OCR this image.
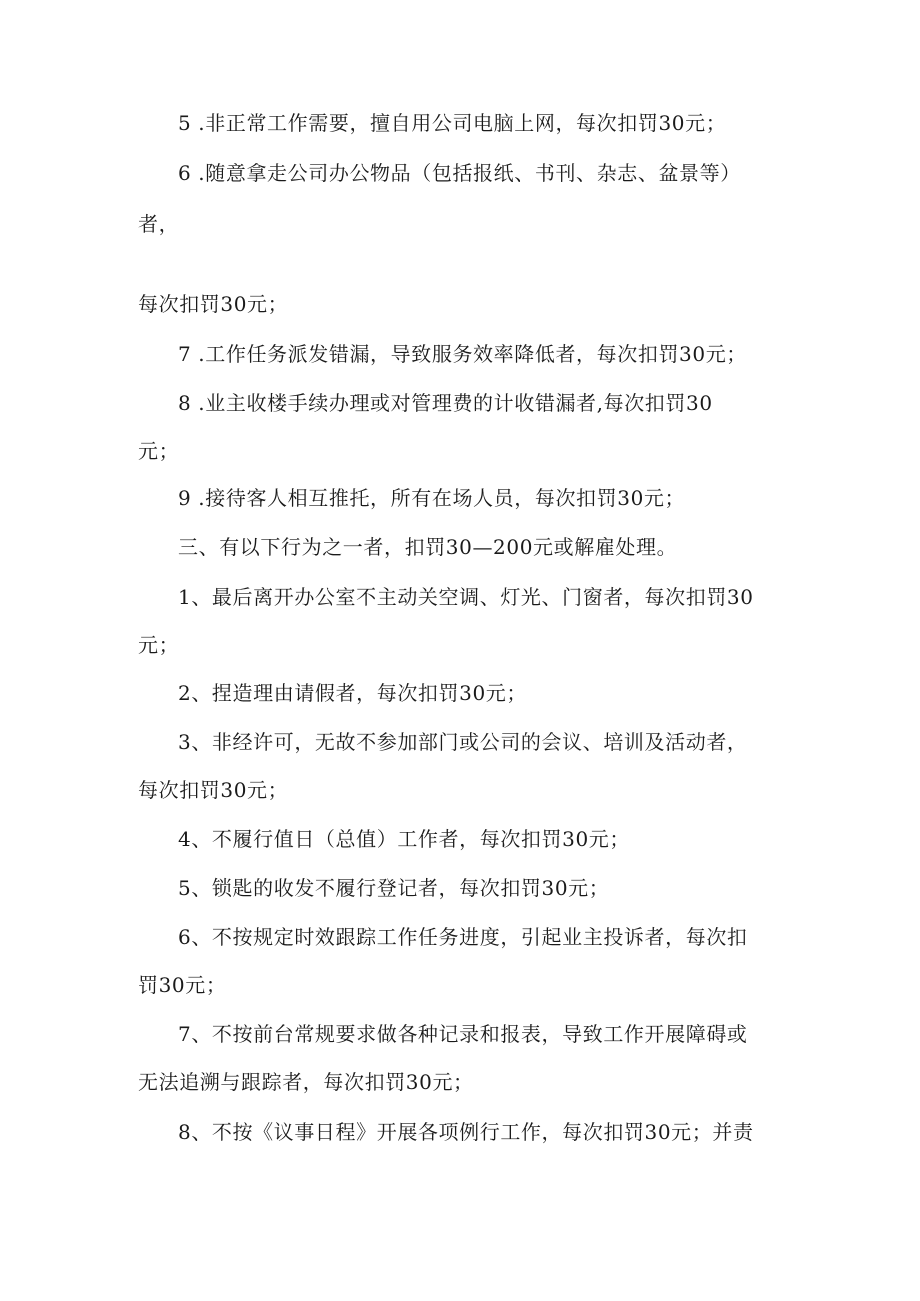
5 .非正常工作需要，擅自用公司电脑上网，每次扣罚30元；
6 .随意拿走公司办公物品（包括报纸、书刊、杂志、盆景等）
者，
每次扣罚30元；
7 .工作任务派发错漏，导致服务效率降低者，每次扣罚30元；
8 .业主收楼手续办理或对管理费的计收错漏者,每次扣罚30
元；
9 .接待客人相互推托，所有在场人员，每次扣罚30元；
三、有以下行为之一者，扣罚30—200元或解雇处理。
1、最后离开办公室不主动关空调、灯光、门窗者，每次扣罚30
元；
2、捏造理由请假者，每次扣罚30元；
3、非经许可，无故不参加部门或公司的会议、培训及活动者，
每次扣罚30元；
4、不履行值日（总值）工作者，每次扣罚30元；
5、锁匙的收发不履行登记者，每次扣罚30元；
6、不按规定时效跟踪工作任务进度，引起业主投诉者，每次扣
罚30元；
7、不按前台常规要求做各种记录和报表，导致工作开展障碍或
无法追溯与跟踪者，每次扣罚30元；
8、不按《议事日程》开展各项例行工作，每次扣罚30元；并责
